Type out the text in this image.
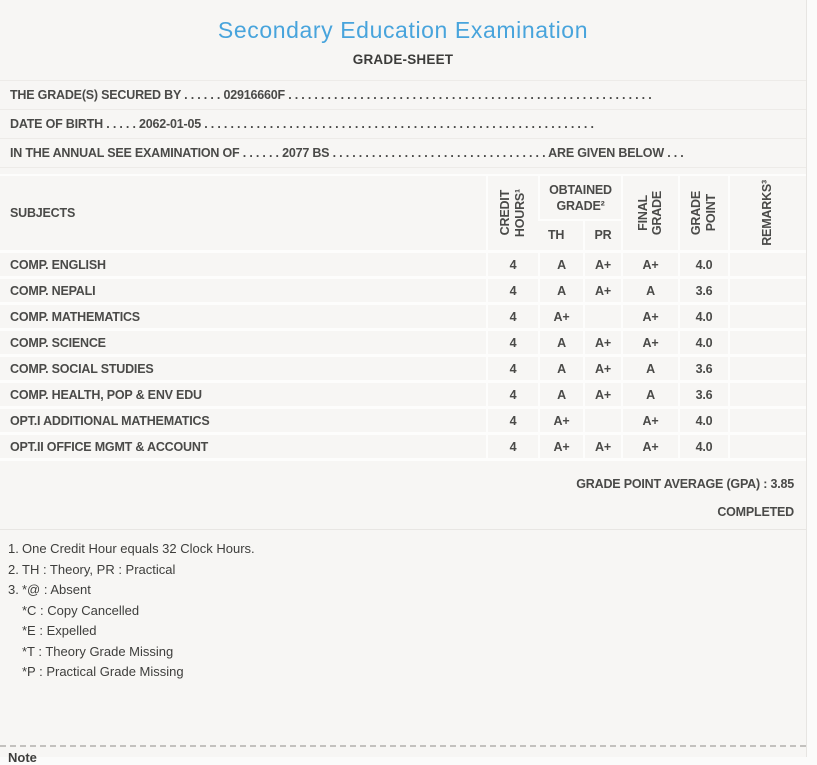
Secondary Education Examination
GRADE-SHEET
THE GRADE(S) SECURED BY . . . . . . 02916660F . . . . . . . . . . . . . . . . . . . . . . . . . . . . . . . . . . . . . . . . . . . . . . . . . . . . . . . .
DATE OF BIRTH . . . . . 2062-01-05 . . . . . . . . . . . . . . . . . . . . . . . . . . . . . . . . . . . . . . . . . . . . . . . . . . . . . . . . . . . .
IN THE ANNUAL SEE EXAMINATION OF . . . . . . 2077 BS . . . . . . . . . . . . . . . . . . . . . . . . . . . . . . . . . ARE GIVEN BELOW . . .
SUBJECTS	CREDIT HOURS¹	OBTAINED GRADE²		FINAL GRADE	GRADE POINT	REMARKS³

		TH	PR			
COMP. ENGLISH	4	A	A+	A+	4.0	
COMP. NEPALI	4	A	A+	A	3.6	
COMP. MATHEMATICS	4	A+		A+	4.0	
COMP. SCIENCE	4	A	A+	A+	4.0	
COMP. SOCIAL STUDIES	4	A	A+	A	3.6	
COMP. HEALTH, POP & ENV EDU	4	A	A+	A	3.6	
OPT.I ADDITIONAL MATHEMATICS	4	A+		A+	4.0	
OPT.II OFFICE MGMT & ACCOUNT	4	A+	A+	A+	4.0	
GRADE POINT AVERAGE (GPA) : 3.85
COMPLETED
1. One Credit Hour equals 32 Clock Hours.
2. TH : Theory, PR : Practical
3. *@ : Absent
*C : Copy Cancelled
*E : Expelled
*T : Theory Grade Missing
*P : Practical Grade Missing
Note
